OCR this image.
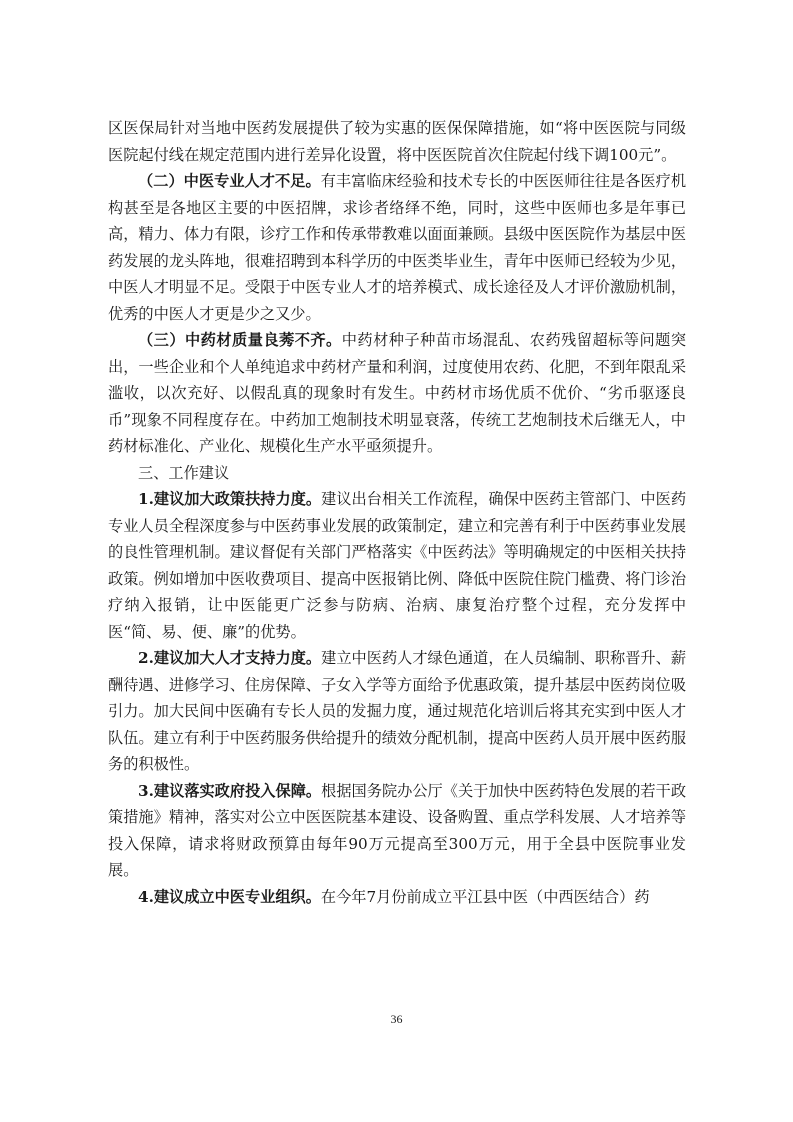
区医保局针对当地中医药发展提供了较为实惠的医保保障措施，如“将中医医院与同级医院起付线在规定范围内进行差异化设置，将中医医院首次住院起付线下调100元”。

（二）中医专业人才不足。有丰富临床经验和技术专长的中医医师往往是各医疗机构甚至是各地区主要的中医招牌，求诊者络绎不绝，同时，这些中医师也多是年事已高，精力、体力有限，诊疗工作和传承带教难以面面兼顾。县级中医医院作为基层中医药发展的龙头阵地，很难招聘到本科学历的中医类毕业生，青年中医师已经较为少见，中医人才明显不足。受限于中医专业人才的培养模式、成长途径及人才评价激励机制，优秀的中医人才更是少之又少。

（三）中药材质量良莠不齐。中药材种子种苗市场混乱、农药残留超标等问题突出，一些企业和个人单纯追求中药材产量和利润，过度使用农药、化肥，不到年限乱采滥收，以次充好、以假乱真的现象时有发生。中药材市场优质不优价、“劣币驱逐良币”现象不同程度存在。中药加工炮制技术明显衰落，传统工艺炮制技术后继无人，中药材标准化、产业化、规模化生产水平亟须提升。

三、工作建议

1.建议加大政策扶持力度。建议出台相关工作流程，确保中医药主管部门、中医药专业人员全程深度参与中医药事业发展的政策制定，建立和完善有利于中医药事业发展的良性管理机制。建议督促有关部门严格落实《中医药法》等明确规定的中医相关扶持政策。例如增加中医收费项目、提高中医报销比例、降低中医院住院门槛费、将门诊治疗纳入报销，让中医能更广泛参与防病、治病、康复治疗整个过程，充分发挥中医“简、易、便、廉”的优势。

2.建议加大人才支持力度。建立中医药人才绿色通道，在人员编制、职称晋升、薪酬待遇、进修学习、住房保障、子女入学等方面给予优惠政策，提升基层中医药岗位吸引力。加大民间中医确有专长人员的发掘力度，通过规范化培训后将其充实到中医人才队伍。建立有利于中医药服务供给提升的绩效分配机制，提高中医药人员开展中医药服务的积极性。

3.建议落实政府投入保障。根据国务院办公厅《关于加快中医药特色发展的若干政策措施》精神，落实对公立中医医院基本建设、设备购置、重点学科发展、人才培养等投入保障，请求将财政预算由每年90万元提高至300万元，用于全县中医院事业发展。

4.建议成立中医专业组织。在今年7月份前成立平江县中医（中西医结合）药

36
